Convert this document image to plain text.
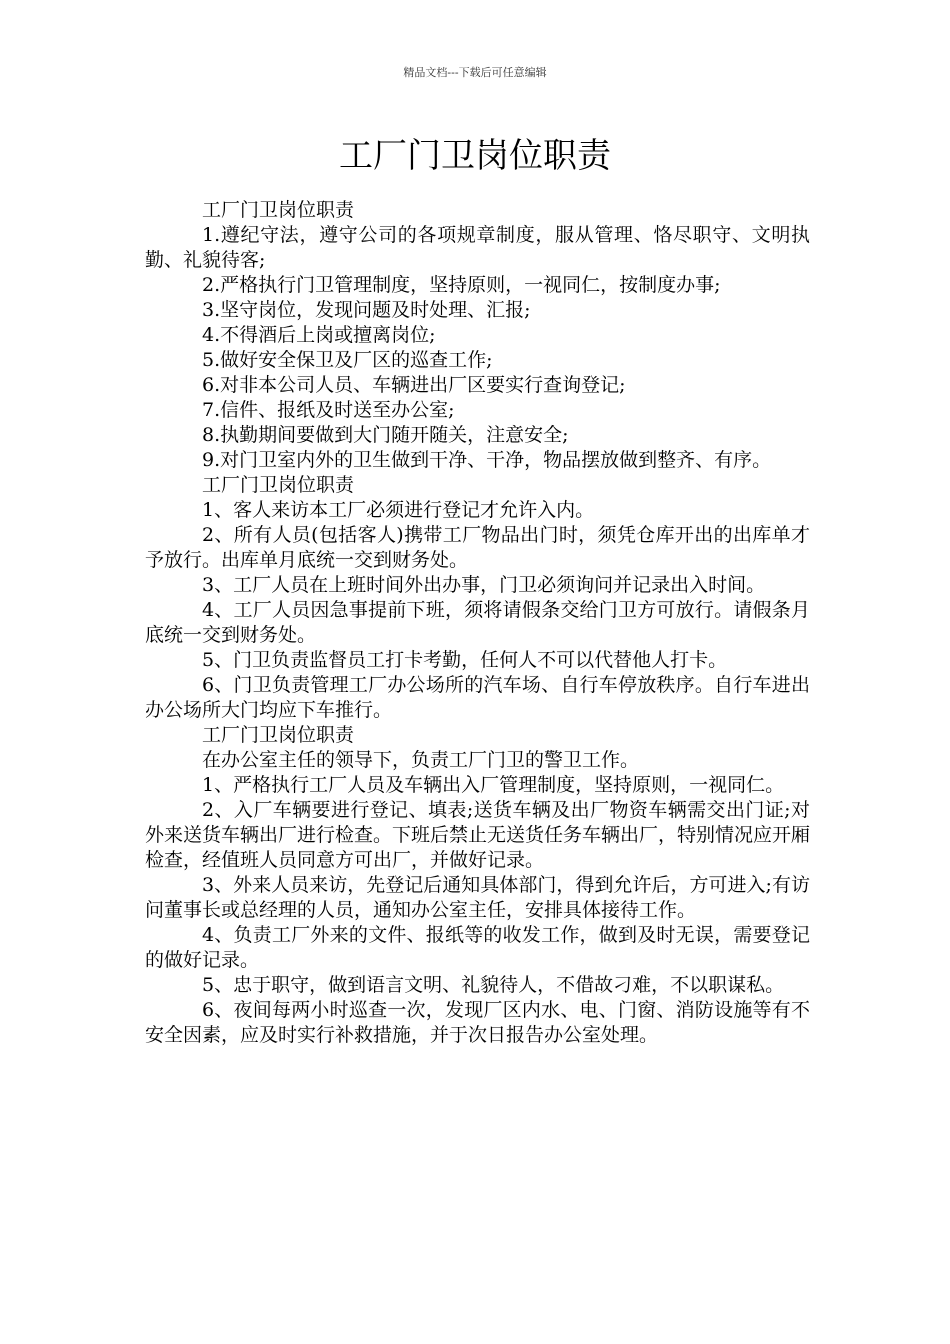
精品文档---下载后可任意编辑
工厂门卫岗位职责

工厂门卫岗位职责

1.遵纪守法，遵守公司的各项规章制度，服从管理、恪尽职守、文明执勤、礼貌待客;

2.严格执行门卫管理制度，坚持原则，一视同仁，按制度办事;

3.坚守岗位，发现问题及时处理、汇报;

4.不得酒后上岗或擅离岗位;

5.做好安全保卫及厂区的巡查工作;

6.对非本公司人员、车辆进出厂区要实行查询登记;

7.信件、报纸及时送至办公室;

8.执勤期间要做到大门随开随关，注意安全;

9.对门卫室内外的卫生做到干净、干净，物品摆放做到整齐、有序。

工厂门卫岗位职责

1、客人来访本工厂必须进行登记才允许入内。

2、所有人员(包括客人)携带工厂物品出门时，须凭仓库开出的出库单才予放行。出库单月底统一交到财务处。

3、工厂人员在上班时间外出办事，门卫必须询问并记录出入时间。

4、工厂人员因急事提前下班，须将请假条交给门卫方可放行。请假条月底统一交到财务处。

5、门卫负责监督员工打卡考勤，任何人不可以代替他人打卡。

6、门卫负责管理工厂办公场所的汽车场、自行车停放秩序。自行车进出办公场所大门均应下车推行。

工厂门卫岗位职责

在办公室主任的领导下，负责工厂门卫的警卫工作。

1、严格执行工厂人员及车辆出入厂管理制度，坚持原则，一视同仁。

2、入厂车辆要进行登记、填表;送货车辆及出厂物资车辆需交出门证;对外来送货车辆出厂进行检查。下班后禁止无送货任务车辆出厂，特别情况应开厢检查，经值班人员同意方可出厂，并做好记录。

3、外来人员来访，先登记后通知具体部门，得到允许后，方可进入;有访问董事长或总经理的人员，通知办公室主任，安排具体接待工作。

4、负责工厂外来的文件、报纸等的收发工作，做到及时无误，需要登记的做好记录。

5、忠于职守，做到语言文明、礼貌待人，不借故刁难，不以职谋私。

6、夜间每两小时巡查一次，发现厂区内水、电、门窗、消防设施等有不安全因素，应及时实行补救措施，并于次日报告办公室处理。
